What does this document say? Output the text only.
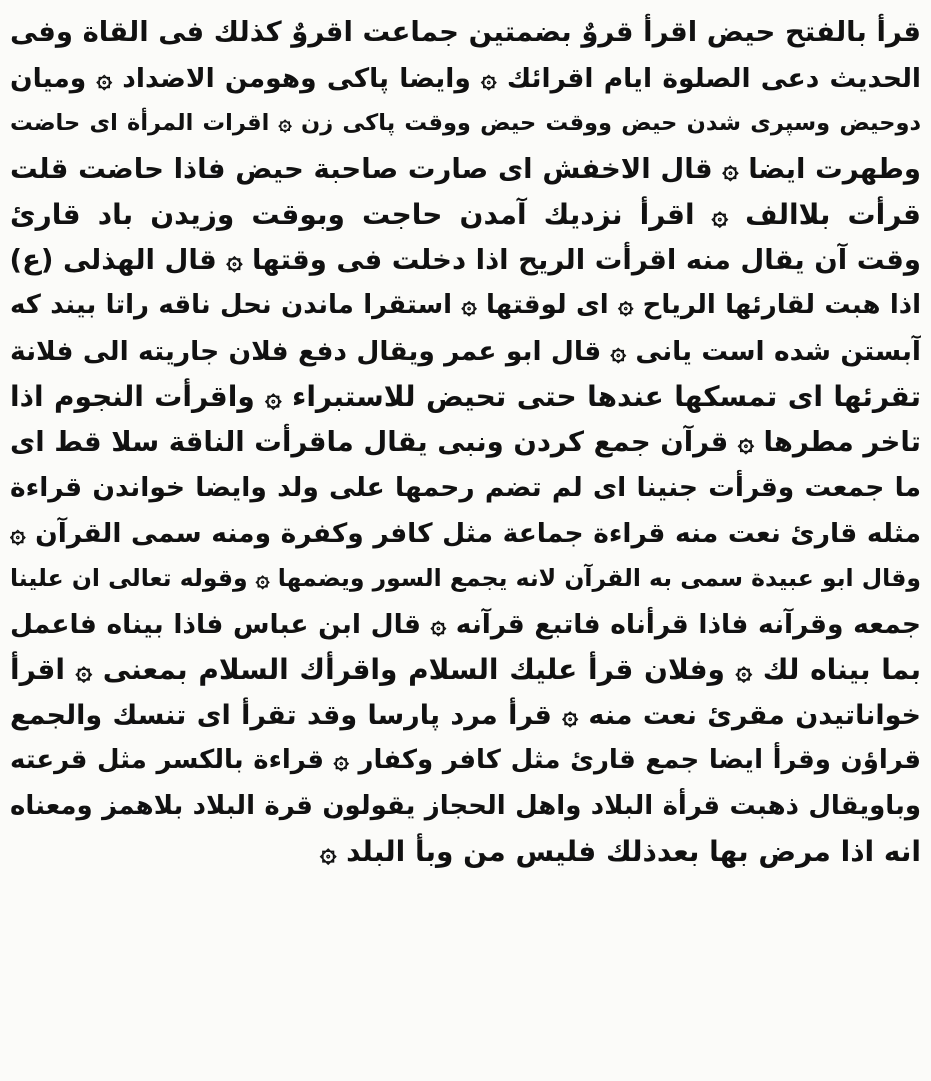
قرأ بالفتح حيض اقرأ قروٌ بضمتين جماعت اقروٌ كذلك فى القاة وفى
الحديث دعى الصلوة ايام اقرائك ۞ وايضا پاكى وهومن الاضداد ۞ وميان
دوحيض وسپرى شدن حيض ووقت حيض ووقت پاكى زن ۞ اقرات المرأة اى حاضت
وطهرت ايضا ۞ قال الاخفش اى صارت صاحبة حيض فاذا حاضت قلت
قرأت بلاالف ۞ اقرأ نزديك آمدن حاجت وبوقت وزيدن باد قارئ
وقت آن يقال منه اقرأت الريح اذا دخلت فى وقتها ۞ قال الهذلى (ع)
اذا هبت لقارئها الرياح ۞ اى لوقتها ۞ استقرا ماندن نحل ناقه راتا بيند كه
آبستن شده است يانى ۞ قال ابو عمر ويقال دفع فلان جاريته الى فلانة
تقرئها اى تمسكها عندها حتى تحيض للاستبراء ۞ واقرأت النجوم اذا
تاخر مطرها ۞ قرآن جمع كردن ونبى يقال ماقرأت الناقة سلا قط اى
ما جمعت وقرأت جنينا اى لم تضم رحمها على ولد وايضا خواندن قراءة
مثله قارئ نعت منه قراءة جماعة مثل كافر وكفرة ومنه سمى القرآن ۞
وقال ابو عبيدة سمى به القرآن لانه يجمع السور ويضمها ۞ وقوله تعالى ان علينا
جمعه وقرآنه فاذا قرأناه فاتبع قرآنه ۞ قال ابن عباس فاذا بيناه فاعمل
بما بيناه لك ۞ وفلان قرأ عليك السلام واقرأك السلام بمعنى ۞ اقرأ
خواناتيدن مقرئ نعت منه ۞ قرأ مرد پارسا وقد تقرأ اى تنسك والجمع
قراؤن وقرأ ايضا جمع قارئ مثل كافر وكفار ۞ قراءة بالكسر مثل قرعته
وباويقال ذهبت قرأة البلاد واهل الحجاز يقولون قرة البلاد بلاهمز ومعناه
انه اذا مرض بها بعدذلك فليس من وبأ البلد ۞
